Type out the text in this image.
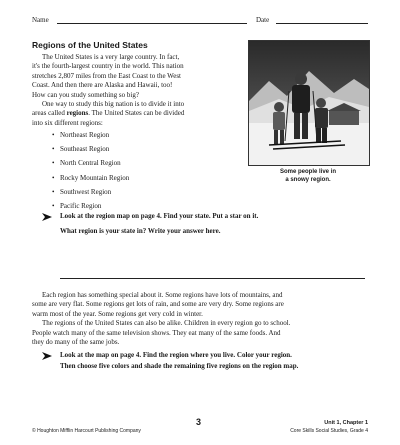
Name	Date
Regions of the United States
The United States is a very large country. In fact,
it's the fourth-largest country in the world. This nation
stretches 2,807 miles from the East Coast to the West
Coast. And then there are Alaska and Hawaii, too!
How can you study something so big?
One way to study this big nation is to divide it into
areas called regions. The United States can be divided
into six different regions:
• Northeast Region
• Southeast Region
• North Central Region
• Rocky Mountain Region
• Southwest Region
• Pacific Region
Some people live in
a snowy region.
Look at the region map on page 4. Find your state. Put a star on it.
What region is your state in? Write your answer here.
Each region has something special about it. Some regions have lots of mountains, and
some are very flat. Some regions get lots of rain, and some are very dry. Some regions are
warm most of the year. Some regions get very cold in winter.
The regions of the United States can also be alike. Children in every region go to school.
People watch many of the same television shows. They eat many of the same foods. And
they do many of the same jobs.
Look at the map on page 4. Find the region where you live. Color your region.
Then choose five colors and shade the remaining five regions on the region map.
3
© Houghton Mifflin Harcourt Publishing Company
Unit 1, Chapter 1
Core Skills Social Studies, Grade 4
